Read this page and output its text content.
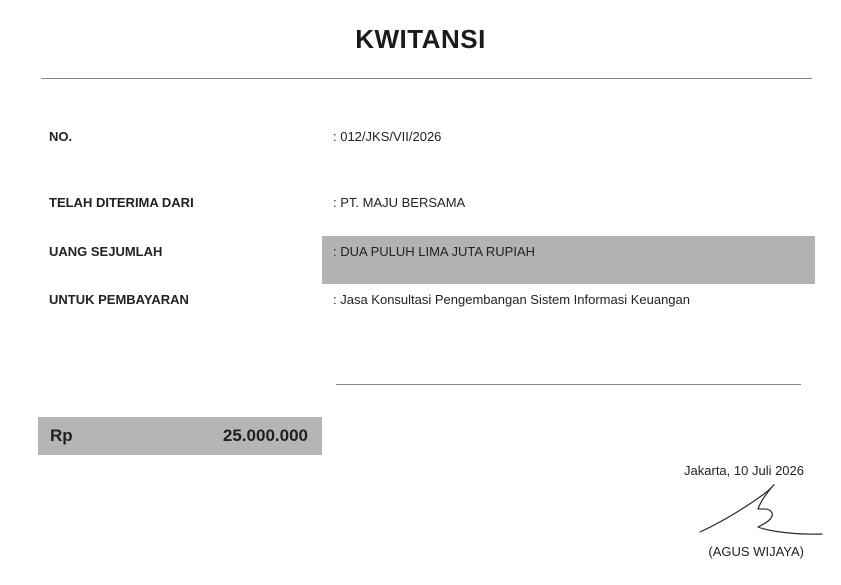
KWITANSI
NO.	: 012/JKS/VII/2026
TELAH DITERIMA DARI	: PT. MAJU BERSAMA
UANG SEJUMLAH	: DUA PULUH LIMA JUTA RUPIAH
UNTUK PEMBAYARAN	: Jasa Konsultasi Pengembangan Sistem Informasi Keuangan
Rp	25.000.000
Jakarta, 10 Juli 2026
(AGUS WIJAYA)
